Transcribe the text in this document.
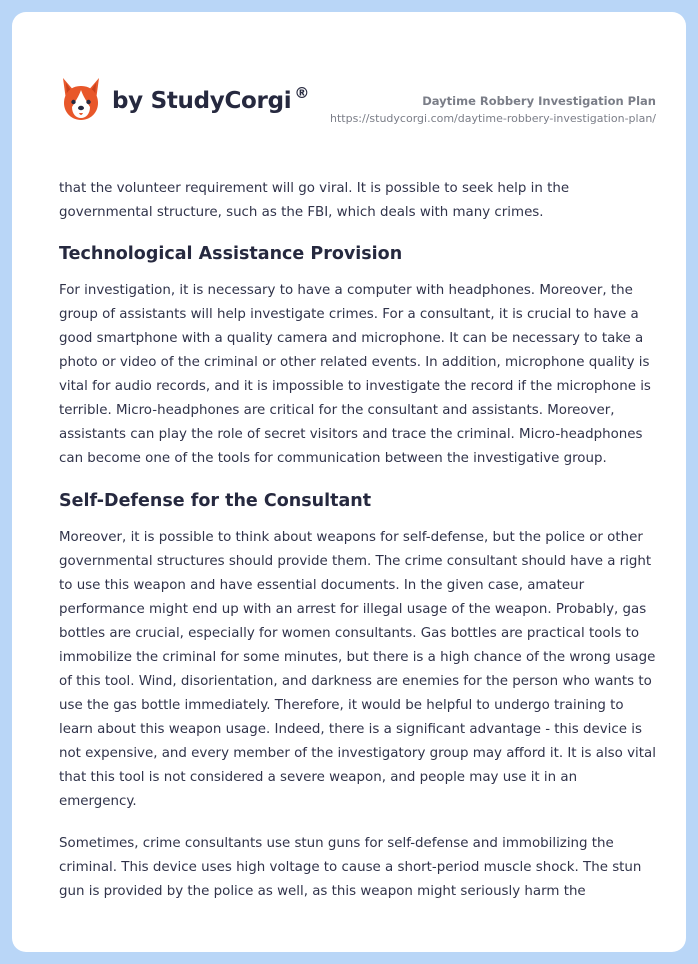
by StudyCorgi ®	Daytime Robbery Investigation Plan
https://studycorgi.com/daytime-robbery-investigation-plan/

that the volunteer requirement will go viral. It is possible to seek help in the governmental structure, such as the FBI, which deals with many crimes.

Technological Assistance Provision

For investigation, it is necessary to have a computer with headphones. Moreover, the group of assistants will help investigate crimes. For a consultant, it is crucial to have a good smartphone with a quality camera and microphone. It can be necessary to take a photo or video of the criminal or other related events. In addition, microphone quality is vital for audio records, and it is impossible to investigate the record if the microphone is terrible. Micro-headphones are critical for the consultant and assistants. Moreover, assistants can play the role of secret visitors and trace the criminal. Micro-headphones can become one of the tools for communication between the investigative group.

Self-Defense for the Consultant

Moreover, it is possible to think about weapons for self-defense, but the police or other governmental structures should provide them. The crime consultant should have a right to use this weapon and have essential documents. In the given case, amateur performance might end up with an arrest for illegal usage of the weapon. Probably, gas bottles are crucial, especially for women consultants. Gas bottles are practical tools to immobilize the criminal for some minutes, but there is a high chance of the wrong usage of this tool. Wind, disorientation, and darkness are enemies for the person who wants to use the gas bottle immediately. Therefore, it would be helpful to undergo training to learn about this weapon usage. Indeed, there is a significant advantage - this device is not expensive, and every member of the investigatory group may afford it. It is also vital that this tool is not considered a severe weapon, and people may use it in an emergency.

Sometimes, crime consultants use stun guns for self-defense and immobilizing the criminal. This device uses high voltage to cause a short-period muscle shock. The stun gun is provided by the police as well, as this weapon might seriously harm the
